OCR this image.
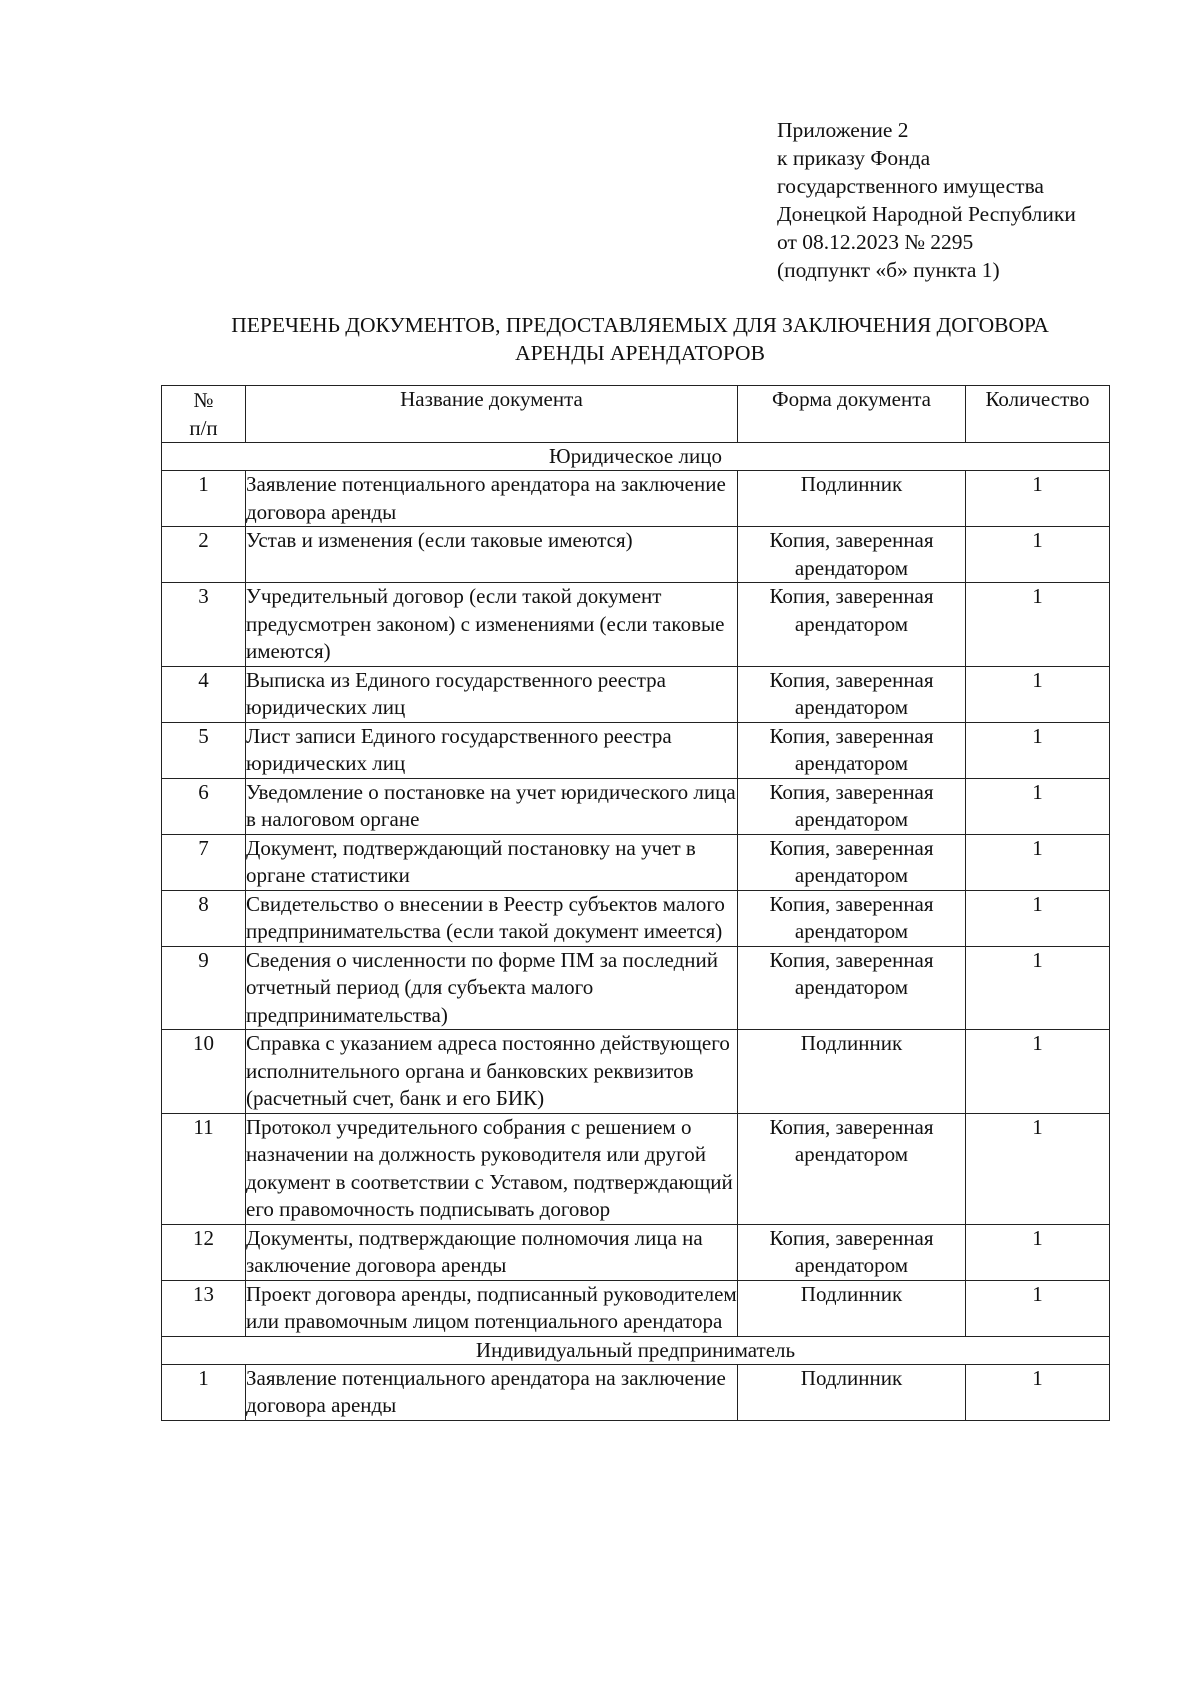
Приложение 2
к приказу Фонда
государственного имущества
Донецкой Народной Республики
от 08.12.2023 № 2295
(подпункт «б» пункта 1)
ПЕРЕЧЕНЬ ДОКУМЕНТОВ, ПРЕДОСТАВЛЯЕМЫХ ДЛЯ ЗАКЛЮЧЕНИЯ ДОГОВОРА
АРЕНДЫ АРЕНДАТОРОВ
№
п/п	Название документа	Форма документа	Количество
Юридическое лицо			
1	Заявление потенциального арендатора на заключение договора аренды	Подлинник	1
2	Устав и изменения (если таковые имеются)	Копия, заверенная арендатором	1
3	Учредительный договор (если такой документ предусмотрен законом) с изменениями (если таковые имеются)	Копия, заверенная арендатором	1
4	Выписка из Единого государственного реестра юридических лиц	Копия, заверенная арендатором	1
5	Лист записи Единого государственного реестра юридических лиц	Копия, заверенная арендатором	1
6	Уведомление о постановке на учет юридического лица в налоговом органе	Копия, заверенная арендатором	1
7	Документ, подтверждающий постановку на учет в органе статистики	Копия, заверенная арендатором	1
8	Свидетельство о внесении в Реестр субъектов малого предпринимательства (если такой документ имеется)	Копия, заверенная арендатором	1
9	Сведения о численности по форме ПМ за последний отчетный период (для субъекта малого предпринимательства)	Копия, заверенная арендатором	1
10	Справка с указанием адреса постоянно действующего исполнительного органа и банковских реквизитов (расчетный счет, банк и его БИК)	Подлинник	1
11	Протокол учредительного собрания с решением о назначении на должность руководителя или другой документ в соответствии с Уставом, подтверждающий его правомочность подписывать договор	Копия, заверенная арендатором	1
12	Документы, подтверждающие полномочия лица на заключение договора аренды	Копия, заверенная арендатором	1
13	Проект договора аренды, подписанный руководителем или правомочным лицом потенциального арендатора	Подлинник	1
Индивидуальный предприниматель			
1	Заявление потенциального арендатора на заключение договора аренды	Подлинник	1
